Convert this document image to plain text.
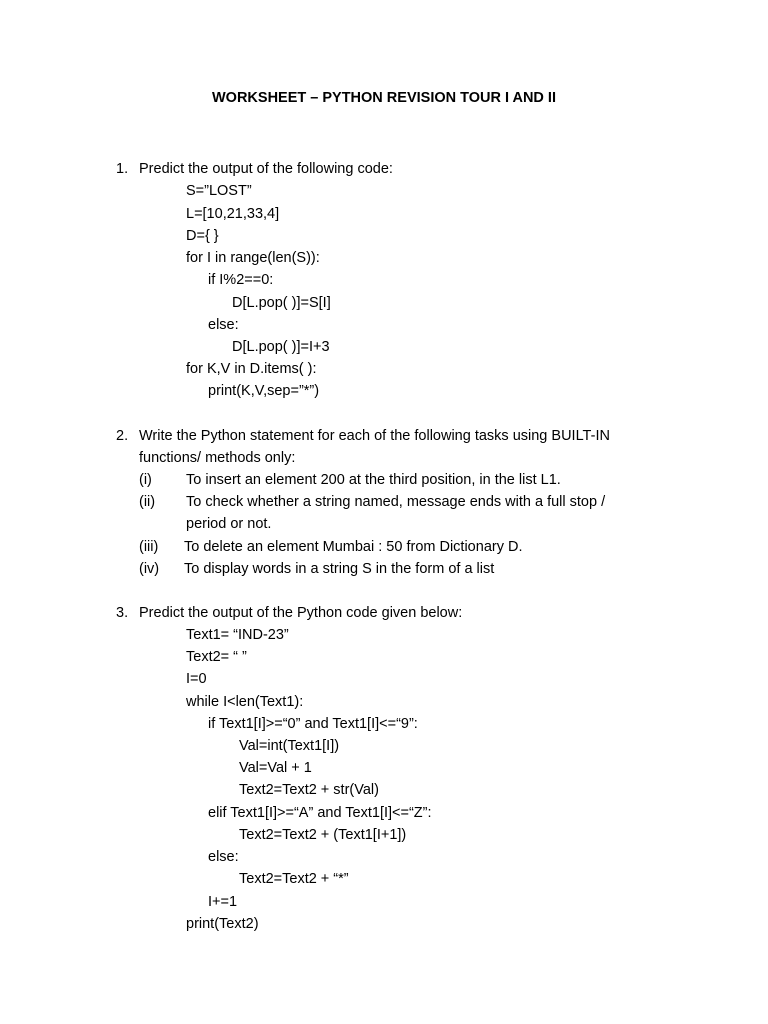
WORKSHEET – PYTHON REVISION TOUR I AND II
1. Predict the output of the following code:
S=”LOST”
L=[10,21,33,4]
D={ }
for I in range(len(S)):
if I%2==0:
D[L.pop( )]=S[I]
else:
D[L.pop( )]=I+3
for K,V in D.items( ):
print(K,V,sep=”*”)
2. Write the Python statement for each of the following tasks using BUILT-IN
functions/ methods only:
(i) To insert an element 200 at the third position, in the list L1.
(ii) To check whether a string named, message ends with a full stop /
period or not.
(iii) To delete an element Mumbai : 50 from Dictionary D.
(iv) To display words in a string S in the form of a list
3. Predict the output of the Python code given below:
Text1= “IND-23”
Text2= “ ”
I=0
while I<len(Text1):
if Text1[I]>=“0” and Text1[I]<=“9”:
Val=int(Text1[I])
Val=Val + 1
Text2=Text2 + str(Val)
elif Text1[I]>=“A” and Text1[I]<=“Z”:
Text2=Text2 + (Text1[I+1])
else:
Text2=Text2 + “*”
I+=1
print(Text2)
